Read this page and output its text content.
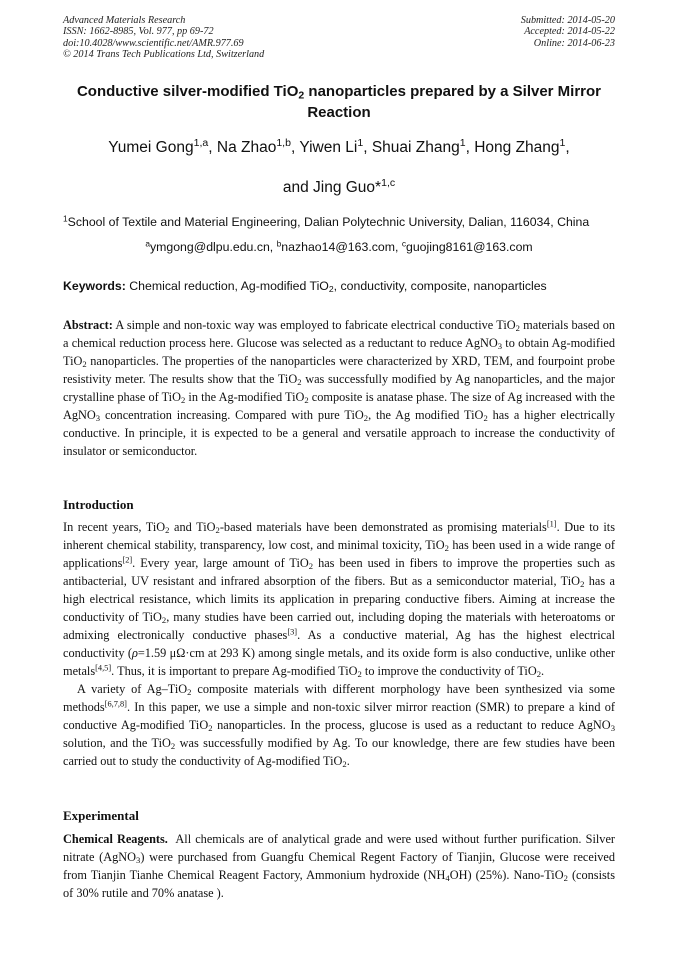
Advanced Materials Research
ISSN: 1662-8985, Vol. 977, pp 69-72
doi:10.4028/www.scientific.net/AMR.977.69
© 2014 Trans Tech Publications Ltd, Switzerland
Submitted: 2014-05-20
Accepted: 2014-05-22
Online: 2014-06-23
Conductive silver-modified TiO$_2$ nanoparticles prepared by a Silver Mirror Reaction
Yumei Gong$^{1,a}$, Na Zhao$^{1,b}$, Yiwen Li$^1$, Shuai Zhang$^1$, Hong Zhang$^1$,
and Jing Guo*$^{1,c}$
$^1$School of Textile and Material Engineering, Dalian Polytechnic University, Dalian, 116034, China
$^a$ymgong@dlpu.edu.cn, $^b$nazhao14@163.com, $^c$guojing8161@163.com
Keywords: Chemical reduction, Ag-modified TiO$_2$, conductivity, composite, nanoparticles

Abstract: A simple and non-toxic way was employed to fabricate electrical conductive TiO$_2$ materials based on a chemical reduction process here. Glucose was selected as a reductant to reduce AgNO$_3$ to obtain Ag-modified TiO$_2$ nanoparticles. The properties of the nanoparticles were characterized by XRD, TEM, and fourpoint probe resistivity meter. The results show that the TiO$_2$ was successfully modified by Ag nanoparticles, and the major crystalline phase of TiO$_2$ in the Ag-modified TiO$_2$ composite is anatase phase. The size of Ag increased with the AgNO$_3$ concentration increasing. Compared with pure TiO$_2$, the Ag modified TiO$_2$ has a higher electrically conductive. In principle, it is expected to be a general and versatile approach to increase the conductivity of insulator or semiconductor.

Introduction

In recent years, TiO$_2$ and TiO$_2$-based materials have been demonstrated as promising materials[1]. Due to its inherent chemical stability, transparency, low cost, and minimal toxicity, TiO$_2$ has been used in a wide range of applications[2]. Every year, large amount of TiO$_2$ has been used in fibers to improve the properties such as antibacterial, UV resistant and infrared absorption of the fibers. But as a semiconductor material, TiO$_2$ has a high electrical resistance, which limits its application in preparing conductive fibers. Aiming at increase the conductivity of TiO$_2$, many studies have been carried out, including doping the materials with heteroatoms or admixing electronically conductive phases[3]. As a conductive material, Ag has the highest electrical conductivity (ρ=1.59 μΩ·cm at 293 K) among single metals, and its oxide form is also conductive, unlike other metals[4,5]. Thus, it is important to prepare Ag-modified TiO$_2$ to improve the conductivity of TiO$_2$.

A variety of Ag–TiO$_2$ composite materials with different morphology have been synthesized via some methods[6,7,8]. In this paper, we use a simple and non-toxic silver mirror reaction (SMR) to prepare a kind of conductive Ag-modified TiO$_2$ nanoparticles. In the process, glucose is used as a reductant to reduce AgNO$_3$ solution, and the TiO$_2$ was successfully modified by Ag. To our knowledge, there are few studies have been carried out to study the conductivity of Ag-modified TiO$_2$.

Experimental

Chemical Reagents.  All chemicals are of analytical grade and were used without further purification. Silver nitrate (AgNO$_3$) were purchased from Guangfu Chemical Regent Factory of Tianjin, Glucose were received from Tianjin Tianhe Chemical Reagent Factory, Ammonium hydroxide $(NH_4OH)$ (25%). Nano-TiO$_2$ (consists of 30% rutile and 70% anatase ).
